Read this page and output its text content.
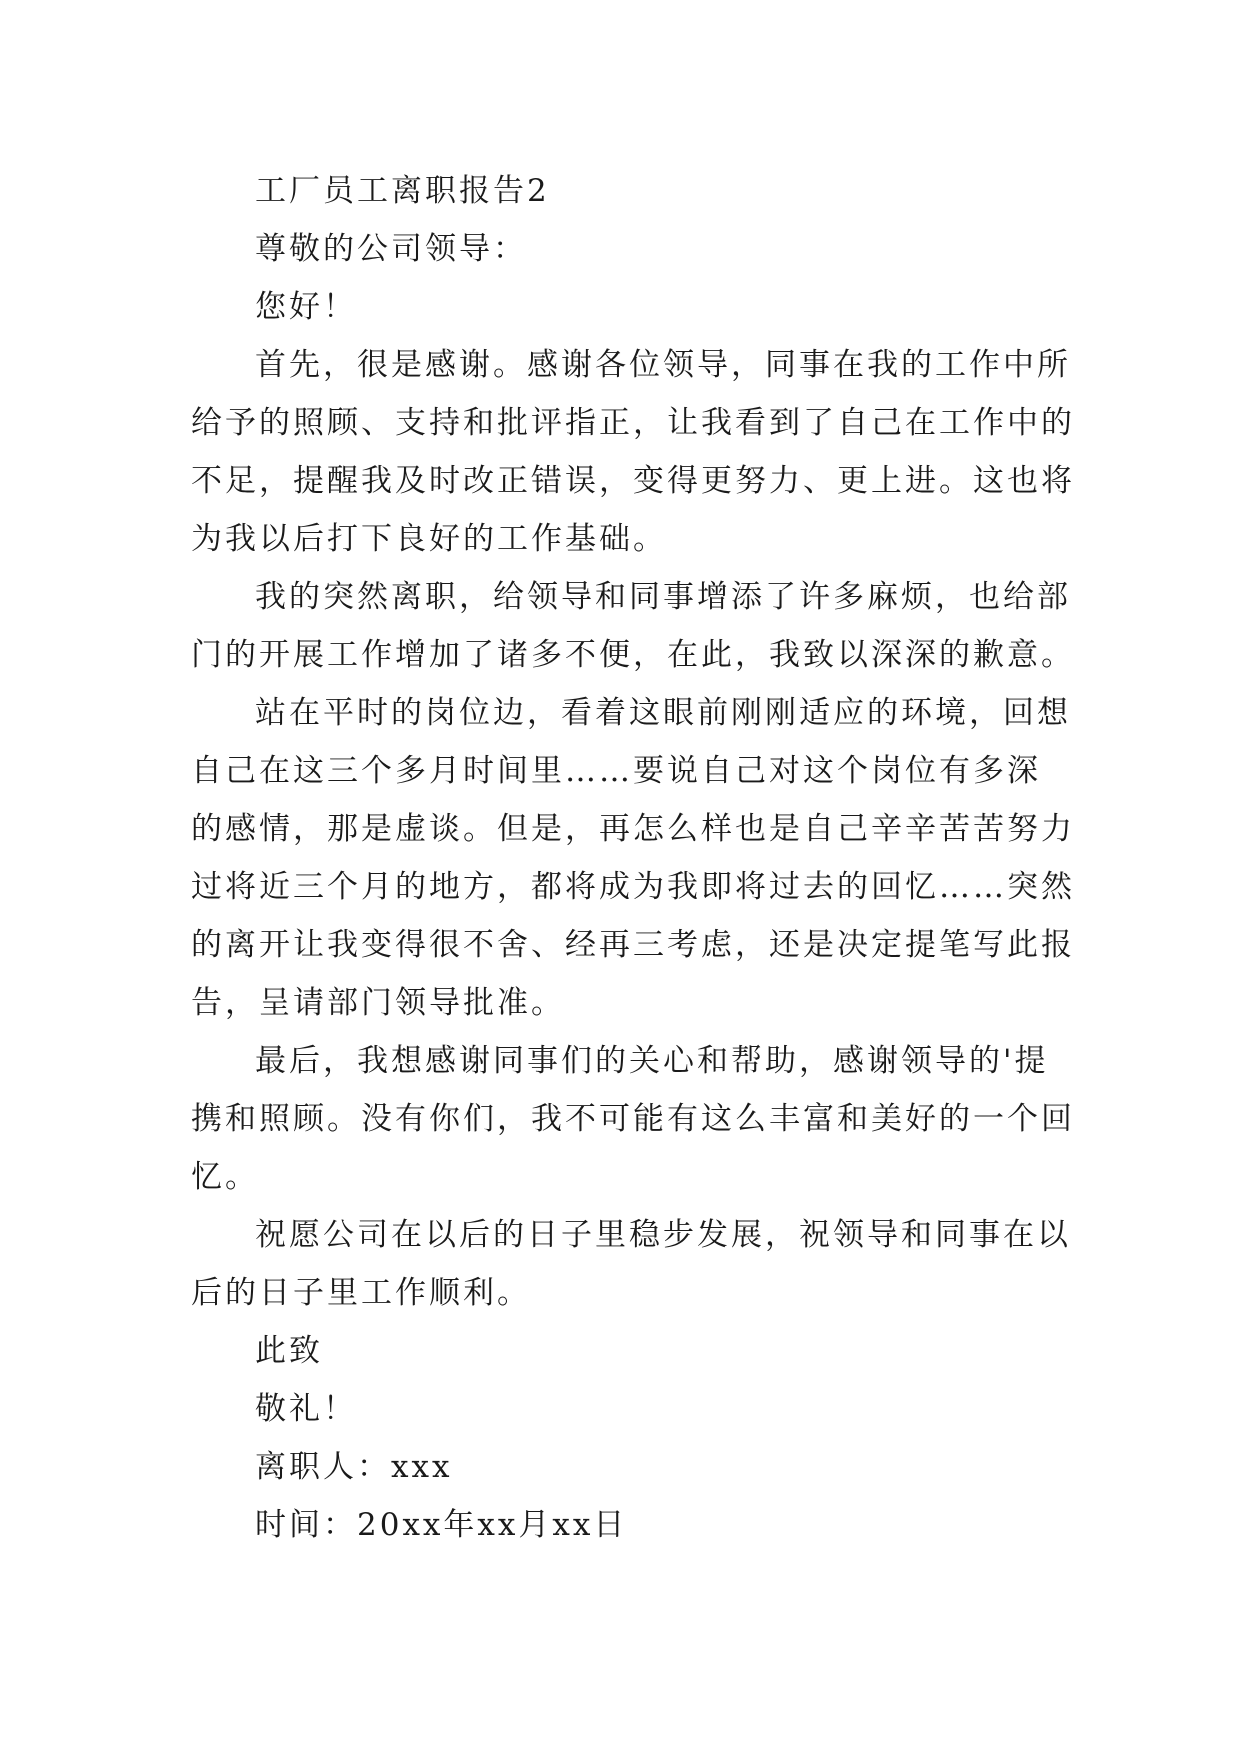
工厂员工离职报告2
尊敬的公司领导：
您好！
首先，很是感谢。感谢各位领导，同事在我的工作中所
给予的照顾、支持和批评指正，让我看到了自己在工作中的
不足，提醒我及时改正错误，变得更努力、更上进。这也将
为我以后打下良好的工作基础。
我的突然离职，给领导和同事增添了许多麻烦，也给部
门的开展工作增加了诸多不便，在此，我致以深深的歉意。
站在平时的岗位边，看着这眼前刚刚适应的环境，回想
自己在这三个多月时间里……要说自己对这个岗位有多深
的感情，那是虚谈。但是，再怎么样也是自己辛辛苦苦努力
过将近三个月的地方，都将成为我即将过去的回忆……突然
的离开让我变得很不舍、经再三考虑，还是决定提笔写此报
告，呈请部门领导批准。
最后，我想感谢同事们的关心和帮助，感谢领导的'提
携和照顾。没有你们，我不可能有这么丰富和美好的一个回
忆。
祝愿公司在以后的日子里稳步发展，祝领导和同事在以
后的日子里工作顺利。
此致
敬礼！
离职人：xxx
时间：20xx年xx月xx日
